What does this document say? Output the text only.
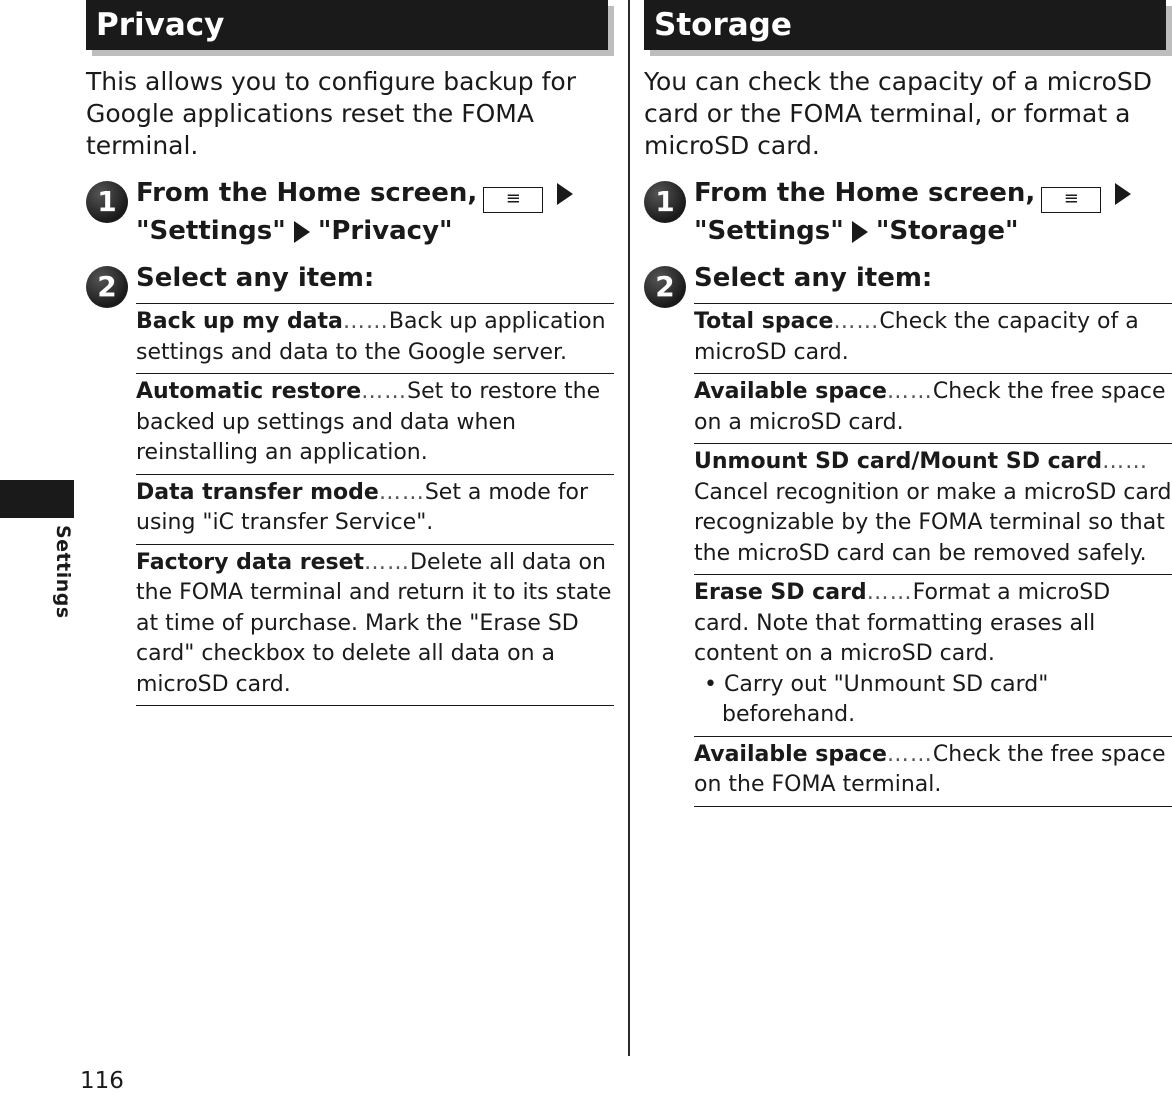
Settings
116
Privacy
This allows you to configure backup for Google applications reset the FOMA terminal.
1 From the Home screen, ≡
"Settings" "Privacy"
2 Select any item:
Back up my data……Back up application settings and data to the Google server.
Automatic restore……Set to restore the backed up settings and data when reinstalling an application.
Data transfer mode……Set a mode for using "iC transfer Service".
Factory data reset……Delete all data on the FOMA terminal and return it to its state at time of purchase. Mark the "Erase SD card" checkbox to delete all data on a microSD card.
Storage
You can check the capacity of a microSD card or the FOMA terminal, or format a microSD card.
1 From the Home screen, ≡
"Settings" "Storage"
2 Select any item:
Total space……Check the capacity of a microSD card.
Available space……Check the free space on a microSD card.
Unmount SD card/Mount SD card……Cancel recognition or make a microSD card recognizable by the FOMA terminal so that the microSD card can be removed safely.
Erase SD card……Format a microSD card. Note that formatting erases all content on a microSD card.
• Carry out "Unmount SD card" beforehand.
Available space……Check the free space on the FOMA terminal.
